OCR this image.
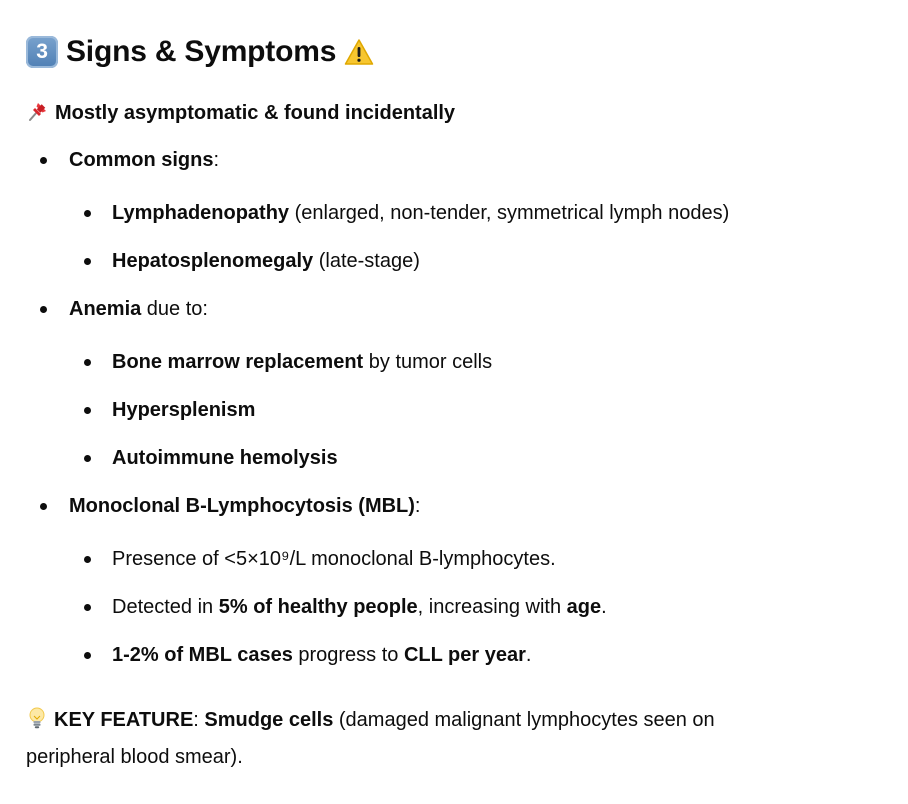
3 Signs & Symptoms
Mostly asymptomatic & found incidentally
Common signs:
Lymphadenopathy (enlarged, non-tender, symmetrical lymph nodes)
Hepatosplenomegaly (late-stage)
Anemia due to:
Bone marrow replacement by tumor cells
Hypersplenism
Autoimmune hemolysis
Monoclonal B-Lymphocytosis (MBL):
Presence of <5×10⁹/L monoclonal B-lymphocytes.
Detected in 5% of healthy people, increasing with age.
1-2% of MBL cases progress to CLL per year.
KEY FEATURE: Smudge cells (damaged malignant lymphocytes seen on
peripheral blood smear).
